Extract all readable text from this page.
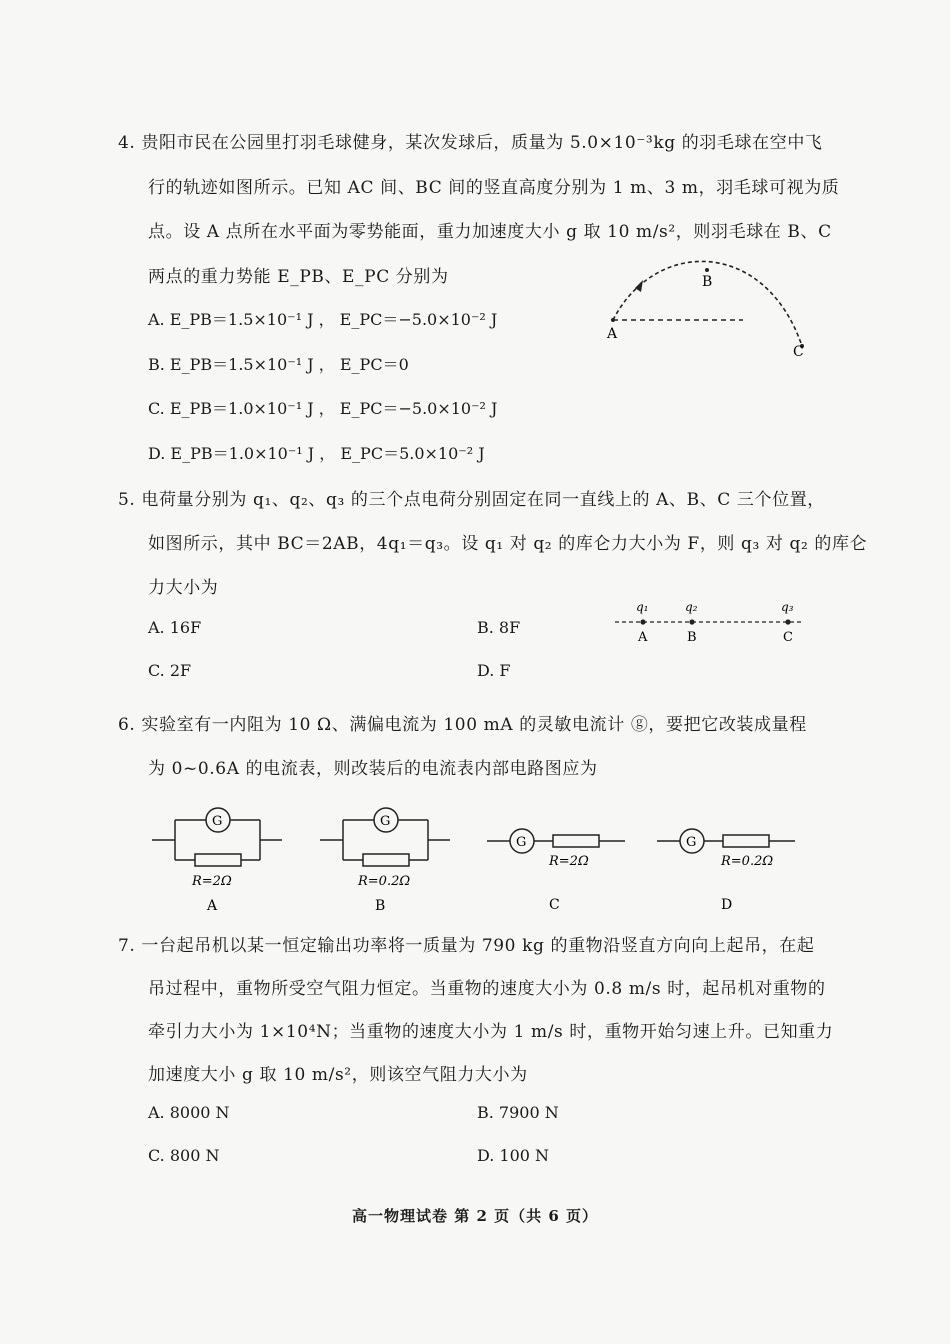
4. 贵阳市民在公园里打羽毛球健身，某次发球后，质量为 5.0×10⁻³kg 的羽毛球在空中飞
行的轨迹如图所示。已知 AC 间、BC 间的竖直高度分别为 1 m、3 m，羽毛球可视为质
点。设 A 点所在水平面为零势能面，重力加速度大小 g 取 10 m/s²，则羽毛球在 B、C
两点的重力势能 E_PB、E_PC 分别为
A. E_PB＝1.5×10⁻¹ J ， E_PC＝−5.0×10⁻² J
B. E_PB＝1.5×10⁻¹ J ， E_PC＝0
C. E_PB＝1.0×10⁻¹ J ， E_PC＝−5.0×10⁻² J
D. E_PB＝1.0×10⁻¹ J ， E_PC＝5.0×10⁻² J
A
B
C
5. 电荷量分别为 q₁、q₂、q₃ 的三个点电荷分别固定在同一直线上的 A、B、C 三个位置，
如图所示，其中 BC＝2AB，4q₁＝q₃。设 q₁ 对 q₂ 的库仑力大小为 F，则 q₃ 对 q₂ 的库仑
力大小为
A. 16F	B. 8F
C. 2F	D. F
q₁	q₂	q₃
A	B	C
6. 实验室有一内阻为 10 Ω、满偏电流为 100 mA 的灵敏电流计 ⓖ，要把它改装成量程
为 0~0.6A 的电流表，则改装后的电流表内部电路图应为
G
R=2Ω
A
G
R=0.2Ω
B
G
R=2Ω
C
G
R=0.2Ω
D
7. 一台起吊机以某一恒定输出功率将一质量为 790 kg 的重物沿竖直方向向上起吊，在起
吊过程中，重物所受空气阻力恒定。当重物的速度大小为 0.8 m/s 时，起吊机对重物的
牵引力大小为 1×10⁴N；当重物的速度大小为 1 m/s 时，重物开始匀速上升。已知重力
加速度大小 g 取 10 m/s²，则该空气阻力大小为
A. 8000 N	B. 7900 N
C. 800 N	D. 100 N
高一物理试卷 第 2 页（共 6 页）
